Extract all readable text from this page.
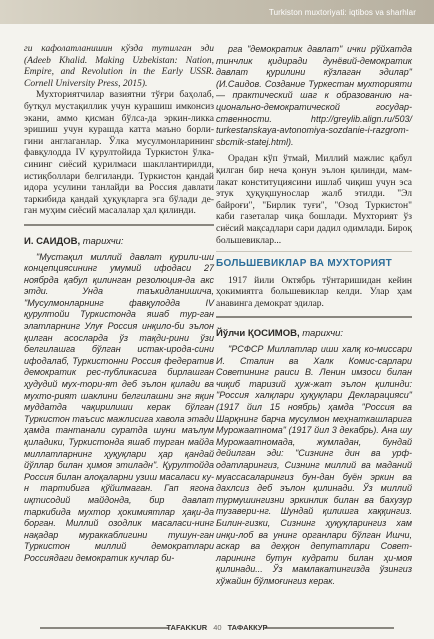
Turkiston muxtoriyati: iqtibos va sharhlar

ги кафолатланишин кўзда тутилган эди (Adeeb Khalid. Making Uzbekistan: Nation, Empire, and Revolution in the Early USSR. Cornell University Press, 2015).

Мухториятчилар вазиятни тўғри баҳолаб, бутқул мустақиллик учун курашиш имконсиз экани, аммо қисман бўлса-да эркин-ликка эришиш учун курашда катта маъно борли-гини англаганлар. Ўлка мусулмонларининг фавқулодда IV қурултойида Туркистон ўлка-сининг сиёсий қурилмаси шакллантирилди, истиқболлари белгиланди. Туркистон қандай идора усулини танлайди ва Россия давлати таркибида қандай ҳуқуқларга эга бўлади де-ган муҳим сиёсий масалалар ҳал қилинди.

И. САИДОВ, тарихчи:

"Мустақил миллий давлат қурили-ши концепциясининг умумий ифодаси 27 ноябрда қабул қилинган резолюция-да акс этди. Унда таъкидланишича, "Мусулмонларнинг фавқулодда IV қурултойи Туркистонда яшаб тур-ган элатларнинг Улуғ Россия инқило-би эълон қилган асосларда ўз тақди-рини ўзи белгилашга бўлган истак-ирода-сини ифодалаб, Туркистонни Россия федератив демократик рес-публикасига бирлашган ҳудудий мух-тори-ят деб эълон қилади ва мухто-рият шаклини белгилашни энг яқин муддатда чақирилиши керак бўлган Туркистон таъсис мажлисига хавола этади ҳамда тантанали суратда шуни маълум қиладики, Туркистонда яшаб турган майда миллатларнинг ҳуқуқлари ҳар қандай йўллар билан ҳимоя этиладн". Қурултойда Россия билан алоқаларни узиш масаласи ку-н тартибига қўйилмаган. Гап ягона иқтисодий майдонда, бир давлат таркибида мухтор ҳокимиятлар ҳақи-да борган. Миллий озодлик масаласи-нинг нақадар мураккаблигини тушун-ган Туркистон миллий демократлари Россиядаги демократик кучлар би-

рга "демократик давлат" ички рўйхатда тинчлик қидиради дунёвий-демократик давлат қурилини кўзлаган эдилар" (И.Саидов. Создание Туркестан мухторияти — практический шаг к образованию на-ционально-демократической государ-ственности. http://greylib.align.ru/503/ turkestanskaya-avtonomiya-sozdanie-i-razgrom-sbcmik-statej.html).

Орадан кўп ўтмай, Миллий мажлис қабул қилган бир неча қонун эълон қилинди, мам-лакат конституциясини ишлаб чиқиш учун эса этук ҳуқуқшунослар жалб этилди. "Эл байроғи", "Бирлик туғи", "Озод Туркистон" каби газеталар чиқа бошлади. Мухторият ўз сиёсий мақсадлари сари дадил одимлади. Бироқ большевиклар...

БОЛЬШЕВИКЛАР ВА МУХТОРИЯТ

1917 йили Октябрь тўнтаришидан кейин ҳокимиятга большевиклар келди. Улар ҳам анавинга демократ эдилар.

Йўлчи ҚОСИМОВ, тарихчи:

"РСФСР Миллатлар иши халқ ко-миссари И. Сталин ва Халк Комис-сарлари Советининг раиси В. Ленин имзоси билан чиқиб таризий ҳуж-жат эълон қилинди: "Россия халқлари ҳуқуқлари Декларацияси" (1917 йил 15 ноябрь) ҳамда "Россия ва Шарқнинг барча мусулмон меҳнаткашларига Мурожаатнома" (1917 йил 3 декабрь). Ана шу Мурожаатномада, жумладан, бундай дейилган эди: "Сизнинг дин ва урф-одатларингиз, Сизнинг миллий ва маданий муассасаларингиз бун-дан буён эркин ва дахлсиз деб эълон қилинади. Ўз миллий турмушингизни эркинлик билан ва бахузур тузавери-нг. Шундай қилишга хаққингиз. Билин-гизки, Сизнинг ҳуқуқларингиз хам инқи-лоб ва унинг органлари бўлган Ишчи, аскар ва деҳқон депутатлари Совет-ларининг бутун кудрати билан ҳи-моя қилинади... Ўз мамлакатингизда ўзингиз хўжайин бўлмоғингиз керак.

ТАFAKKUR 40 ТАФАККУР
